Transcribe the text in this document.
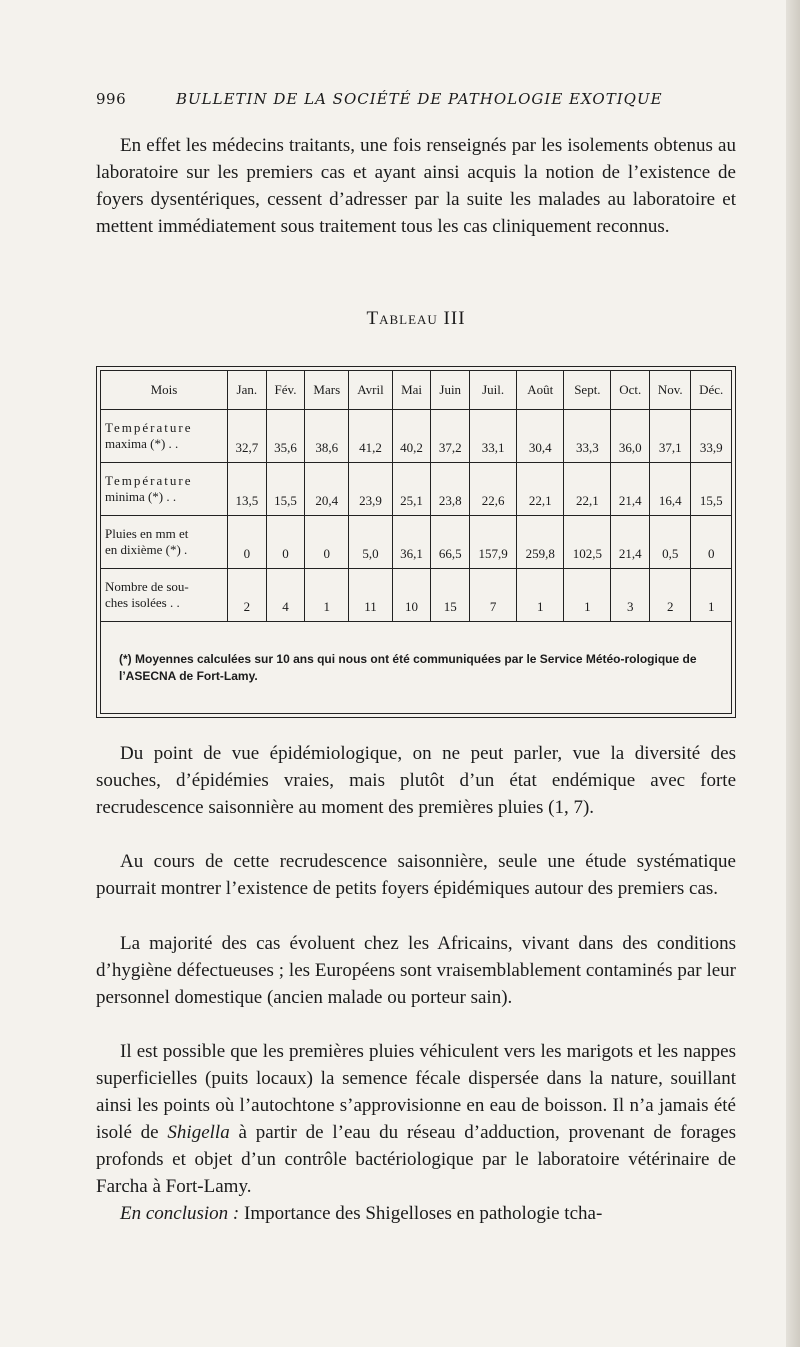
996	BULLETIN DE LA SOCIÉTÉ DE PATHOLOGIE EXOTIQUE

En effet les médecins traitants, une fois renseignés par les isolements obtenus au laboratoire sur les premiers cas et ayant ainsi acquis la notion de l’existence de foyers dysentériques, cessent d’adresser par la suite les malades au laboratoire et mettent immédiatement sous traitement tous les cas cliniquement reconnus.

Tableau III
Mois	Jan.	Fév.	Mars	Avril	Mai	Juin	Juil.	Août	Sept.	Oct.	Nov.	Déc.
Température
maxima (*) . .	32,7	35,6	38,6	41,2	40,2	37,2	33,1	30,4	33,3	36,0	37,1	33,9
Température
minima (*) . .	13,5	15,5	20,4	23,9	25,1	23,8	22,6	22,1	22,1	21,4	16,4	15,5
Pluies en mm et
en dixième (*) .	0	0	0	5,0	36,1	66,5	157,9	259,8	102,5	21,4	0,5	0
Nombre de sou-
ches isolées . .	2	4	1	11	10	15	7	1	1	3	2	1
(*) Moyennes calculées sur 10 ans qui nous ont été communiquées par le Service Météo-rologique de l’ASECNA de Fort-Lamy.

Du point de vue épidémiologique, on ne peut parler, vue la diversité des souches, d’épidémies vraies, mais plutôt d’un état endémique avec forte recrudescence saisonnière au moment des premières pluies (1, 7).

Au cours de cette recrudescence saisonnière, seule une étude systématique pourrait montrer l’existence de petits foyers épidémiques autour des premiers cas.

La majorité des cas évoluent chez les Africains, vivant dans des conditions d’hygiène défectueuses ; les Européens sont vraisemblablement contaminés par leur personnel domestique (ancien malade ou porteur sain).

Il est possible que les premières pluies véhiculent vers les marigots et les nappes superficielles (puits locaux) la semence fécale dispersée dans la nature, souillant ainsi les points où l’autochtone s’approvisionne en eau de boisson. Il n’a jamais été isolé de Shigella à partir de l’eau du réseau d’adduction, provenant de forages profonds et objet d’un contrôle bactériologique par le laboratoire vétérinaire de Farcha à Fort-Lamy.

En conclusion : Importance des Shigelloses en pathologie tcha-
